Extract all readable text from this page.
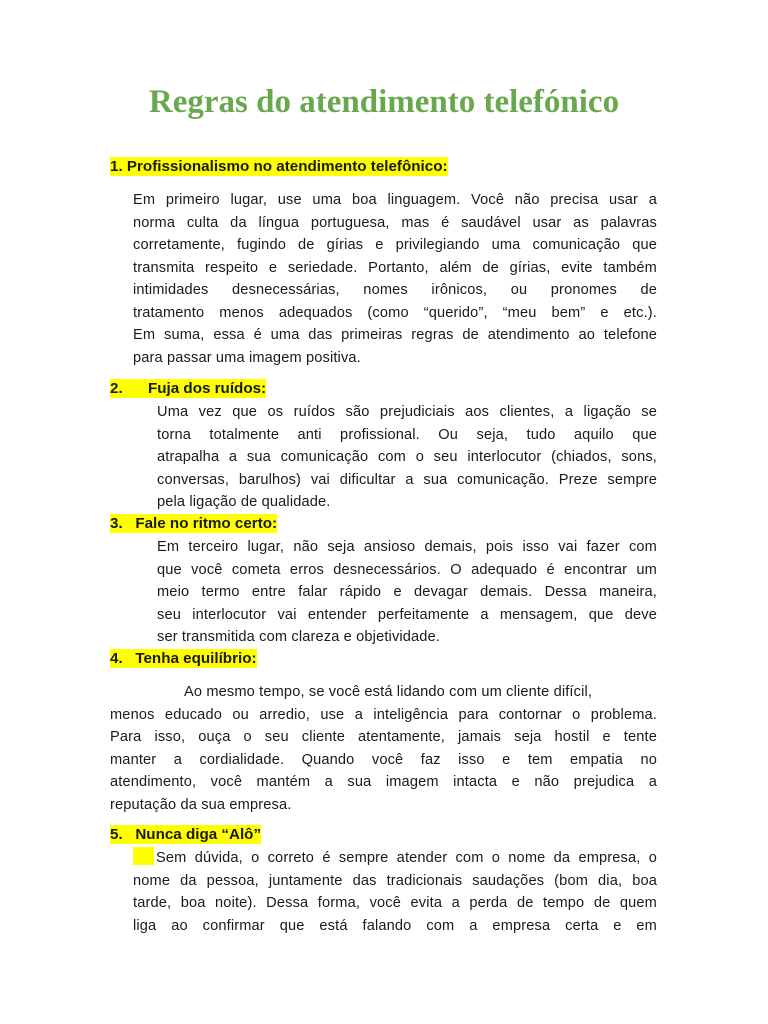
Regras do atendimento telefónico

1. Profissionalismo no atendimento telefônico:

Em primeiro lugar, use uma boa linguagem. Você não precisa usar a
norma culta da língua portuguesa, mas é saudável usar as palavras
corretamente, fugindo de gírias e privilegiando uma comunicação que
transmita respeito e seriedade. Portanto, além de gírias, evite também
intimidades desnecessárias, nomes irônicos, ou pronomes de
tratamento menos adequados (como “querido”, “meu bem” e etc.).
Em suma, essa é uma das primeiras regras de atendimento ao telefone
para passar uma imagem positiva.

2.      Fuja dos ruídos:

Uma vez que os ruídos são prejudiciais aos clientes, a ligação se
torna totalmente anti profissional. Ou seja, tudo aquilo que
atrapalha a sua comunicação com o seu interlocutor (chiados, sons,
conversas, barulhos) vai dificultar a sua comunicação. Preze sempre
pela ligação de qualidade.

3.   Fale no ritmo certo:

Em terceiro lugar, não seja ansioso demais, pois isso vai fazer com
que você cometa erros desnecessários. O adequado é encontrar um
meio termo entre falar rápido e devagar demais. Dessa maneira,
seu interlocutor vai entender perfeitamente a mensagem, que deve
ser transmitida com clareza e objetividade.

4.   Tenha equilíbrio:

Ao mesmo tempo, se você está lidando com um cliente difícil,
menos educado ou arredio, use a inteligência para contornar o problema.
Para isso, ouça o seu cliente atentamente, jamais seja hostil e tente
manter a cordialidade. Quando você faz isso e tem empatia no
atendimento, você mantém a sua imagem intacta e não prejudica a
reputação da sua empresa.

5.   Nunca diga “Alô”

Sem dúvida, o correto é sempre atender com o nome da empresa, o
nome da pessoa, juntamente das tradicionais saudações (bom dia, boa
tarde, boa noite). Dessa forma, você evita a perda de tempo de quem
liga ao confirmar que está falando com a empresa certa e em
